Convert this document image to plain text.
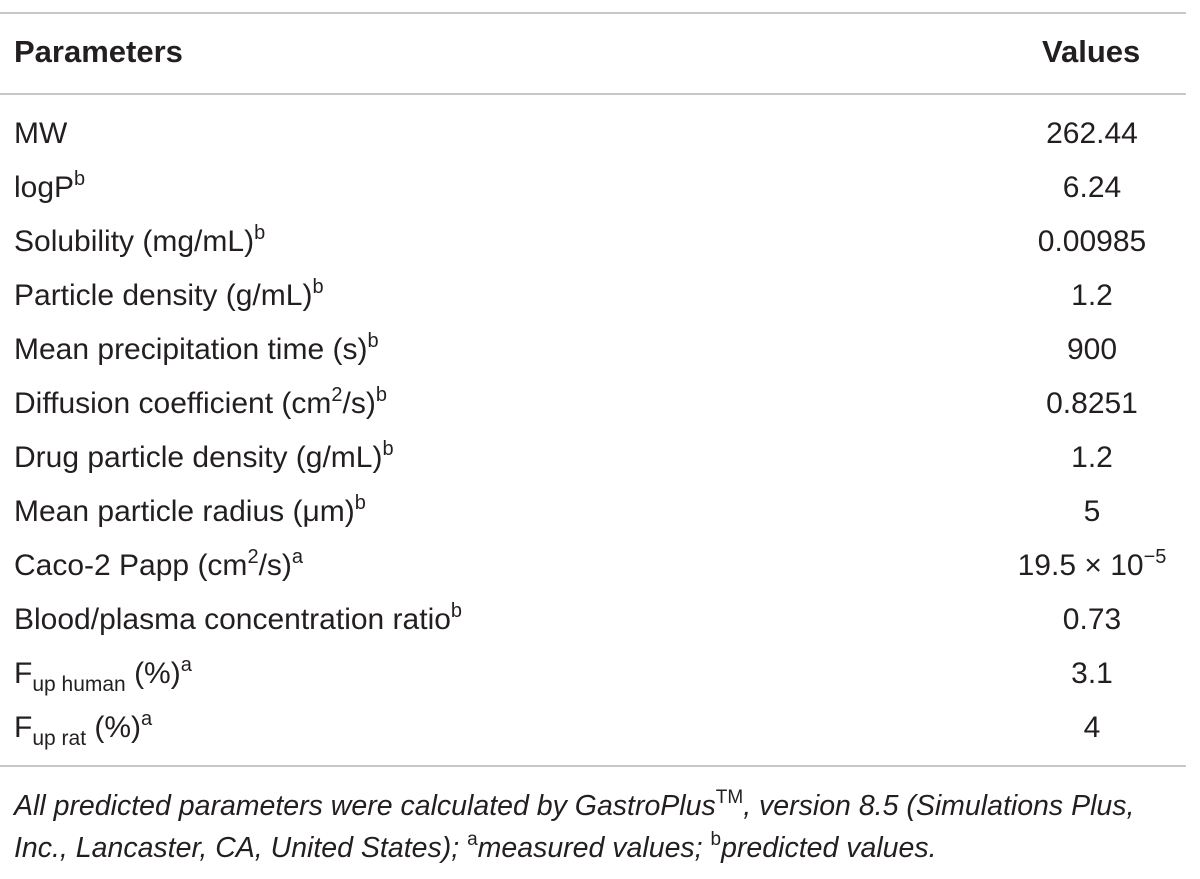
Parameters	Values
MW	262.44
logP$^b$	6.24
Solubility $(mg/mL)^b$	0.00985
Particle density $(g/mL)^b$	1.2
Mean precipitation time $(s)^b$	900
Diffusion coefficient $(cm^2/s)^b$	0.8251
Drug particle density $(g/mL)^b$	1.2
Mean particle radius $(\mu m)^b$	5
Caco-2 Papp $(cm^2/s)^a$	$19.5 \times 10^{-5}$
Blood/plasma concentration ratio$^b$	0.73
$F_{up human}$ (%)$^a$	3.1
$F_{up rat}$ (%)$^a$	4
All predicted parameters were calculated by GastroPlus™, version 8.5 (Simulations Plus, Inc., Lancaster, CA, United States); $^a$measured values; $^b$predicted values.
